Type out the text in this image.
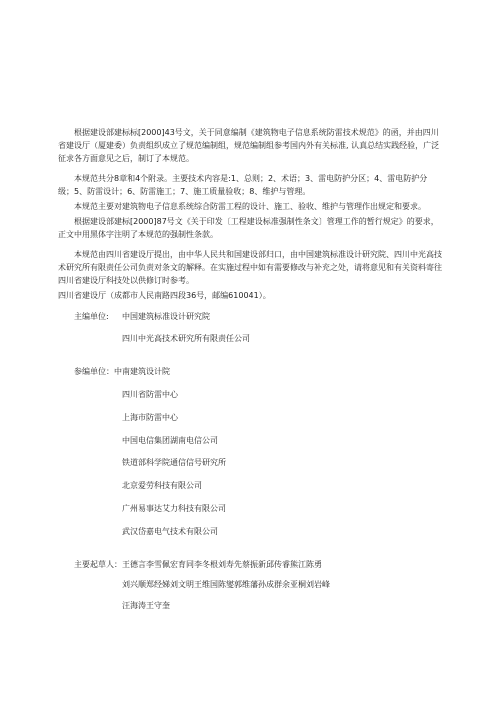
根据建设部建标标[2000]43号文，关于同意编制《建筑物电子信息系统防雷技术规范》的函，并由四川省建设厅（厦建委）负责组织成立了规范编制组，规范编制组参考国内外有关标准, 认真总结实践经验，广泛征求各方面意见之后，制订了本规范。

本规范共分8章和4个附录。主要技术内容是:1、总则；2、术语；3、雷电防护分区；4、雷电防护分级；5、防雷设计；6、防雷施工；7、施工质量验收；8、维护与管理。

本规范主要对建筑物电子信息系统综合防雷工程的设计、施工、验收、维护与管理作出规定和要求。

根据建设部建标[2000]87号文《关于印发〔工程建设标准强制性条文〕管理工作的暂行规定》的要求，正文中用黑体字注明了本规范的强制性条款。

本规范由四川省建设厅提出，由中华人民共和国建设部归口，由中国建筑标准设计研究院、四川中光高技术研究所有限责任公司负责对条文的解释。在实施过程中如有需要修改与补充之处，请将意见和有关资料寄往四川省建设厅科技处以供修订时参考。

四川省建设厅（成都市人民南路四段36号，邮编610041）。

主编单位:	中国建筑标准设计研究院
四川中光高技术研究所有限责任公司
参编单位：中南建筑设计院
四川省防雷中心
上海市防雷中心
中国电信集团湖南电信公司
铁道部科学院通信信号研究所
北京爱劳科技有限公司
广州易事达艾力科技有限公司
武汉岱嘉电气技术有限公司
主要起草人： 王德言李雪佩宏育同李冬根刘寿先蔡振新邱传睿熊江陈勇
刘兴顺郑经娣刘文明王维国陈燮郭维藩孙成群余亚桐刘岩峰
汪海涛王守奎
